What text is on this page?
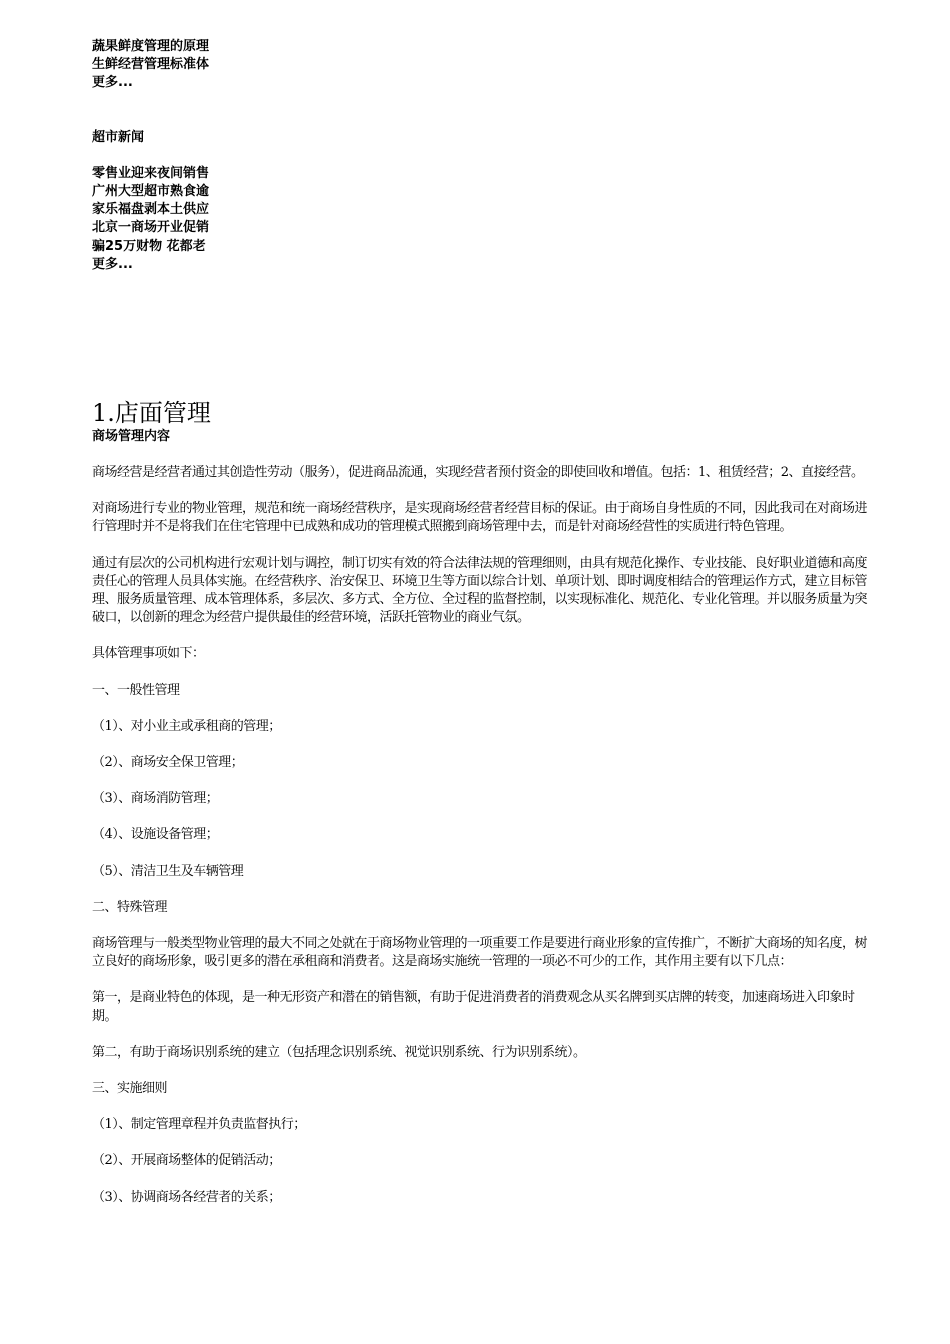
蔬果鲜度管理的原理
生鲜经营管理标准体
更多...
超市新闻
零售业迎来夜间销售
广州大型超市熟食逾
家乐福盘剥本土供应
北京一商场开业促销
骗25万财物 花都老
更多...
1.店面管理
商场管理内容

商场经营是经营者通过其创造性劳动（服务），促进商品流通，实现经营者预付资金的即使回收和增值。包括：1、租赁经营；2、直接经营。

对商场进行专业的物业管理，规范和统一商场经营秩序，是实现商场经营者经营目标的保证。由于商场自身性质的不同，因此我司在对商场进行管理时并不是将我们在住宅管理中已成熟和成功的管理模式照搬到商场管理中去，而是针对商场经营性的实质进行特色管理。

通过有层次的公司机构进行宏观计划与调控，制订切实有效的符合法律法规的管理细则，由具有规范化操作、专业技能、良好职业道德和高度责任心的管理人员具体实施。在经营秩序、治安保卫、环境卫生等方面以综合计划、单项计划、即时调度相结合的管理运作方式，建立目标管理、服务质量管理、成本管理体系，多层次、多方式、全方位、全过程的监督控制，以实现标准化、规范化、专业化管理。并以服务质量为突破口，以创新的理念为经营户提供最佳的经营环境，活跃托管物业的商业气氛。

具体管理事项如下：

一、一般性管理

（1）、对小业主或承租商的管理；

（2）、商场安全保卫管理；

（3）、商场消防管理；

（4）、设施设备管理；

（5）、清洁卫生及车辆管理

二、特殊管理

商场管理与一般类型物业管理的最大不同之处就在于商场物业管理的一项重要工作是要进行商业形象的宣传推广，不断扩大商场的知名度，树立良好的商场形象，吸引更多的潜在承租商和消费者。这是商场实施统一管理的一项必不可少的工作，其作用主要有以下几点：

第一，是商业特色的体现，是一种无形资产和潜在的销售额，有助于促进消费者的消费观念从买名牌到买店牌的转变，加速商场进入印象时期。

第二，有助于商场识别系统的建立（包括理念识别系统、视觉识别系统、行为识别系统）。

三、实施细则

（1）、制定管理章程并负责监督执行；

（2）、开展商场整体的促销活动；

（3）、协调商场各经营者的关系；
